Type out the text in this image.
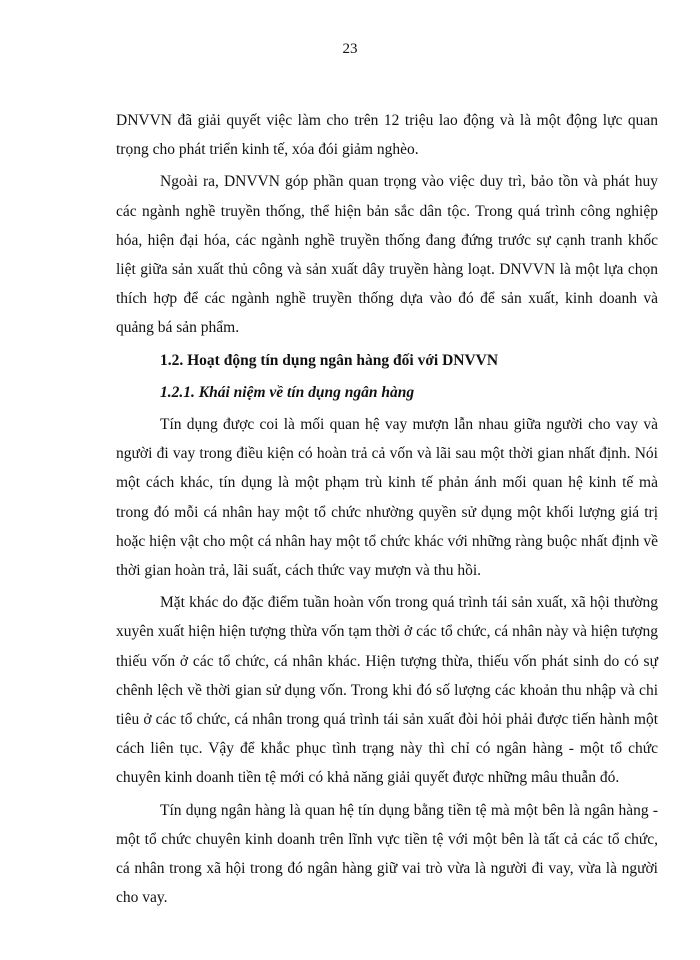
23

DNVVN đã giải quyết việc làm cho trên 12 triệu lao động và là một động lực quan trọng cho phát triển kinh tế, xóa đói giảm nghèo.

Ngoài ra, DNVVN góp phần quan trọng vào việc duy trì, bảo tồn và phát huy các ngành nghề truyền thống, thể hiện bản sắc dân tộc. Trong quá trình công nghiệp hóa, hiện đại hóa, các ngành nghề truyền thống đang đứng trước sự cạnh tranh khốc liệt giữa sản xuất thủ công và sản xuất dây truyền hàng loạt. DNVVN là một lựa chọn thích hợp để các ngành nghề truyền thống dựa vào đó để sản xuất, kinh doanh và quảng bá sản phẩm.

1.2. Hoạt động tín dụng ngân hàng đối với DNVVN
1.2.1. Khái niệm về tín dụng ngân hàng

Tín dụng được coi là mối quan hệ vay mượn lẫn nhau giữa người cho vay và người đi vay trong điều kiện có hoàn trả cả vốn và lãi sau một thời gian nhất định. Nói một cách khác, tín dụng là một phạm trù kinh tế phản ánh mối quan hệ kinh tế mà trong đó mỗi cá nhân hay một tổ chức nhường quyền sử dụng một khối lượng giá trị hoặc hiện vật cho một cá nhân hay một tổ chức khác với những ràng buộc nhất định về thời gian hoàn trả, lãi suất, cách thức vay mượn và thu hồi.

Mặt khác do đặc điểm tuần hoàn vốn trong quá trình tái sản xuất, xã hội thường xuyên xuất hiện hiện tượng thừa vốn tạm thời ở các tổ chức, cá nhân này và hiện tượng thiếu vốn ở các tổ chức, cá nhân khác. Hiện tượng thừa, thiếu vốn phát sinh do có sự chênh lệch về thời gian sử dụng vốn. Trong khi đó số lượng các khoản thu nhập và chi tiêu ở các tổ chức, cá nhân trong quá trình tái sản xuất đòi hỏi phải được tiến hành một cách liên tục. Vậy để khắc phục tình trạng này thì chỉ có ngân hàng - một tổ chức chuyên kinh doanh tiền tệ mới có khả năng giải quyết được những mâu thuẫn đó.

Tín dụng ngân hàng là quan hệ tín dụng bằng tiền tệ mà một bên là ngân hàng - một tổ chức chuyên kinh doanh trên lĩnh vực tiền tệ với một bên là tất cả các tổ chức, cá nhân trong xã hội trong đó ngân hàng giữ vai trò vừa là người đi vay, vừa là người cho vay.
